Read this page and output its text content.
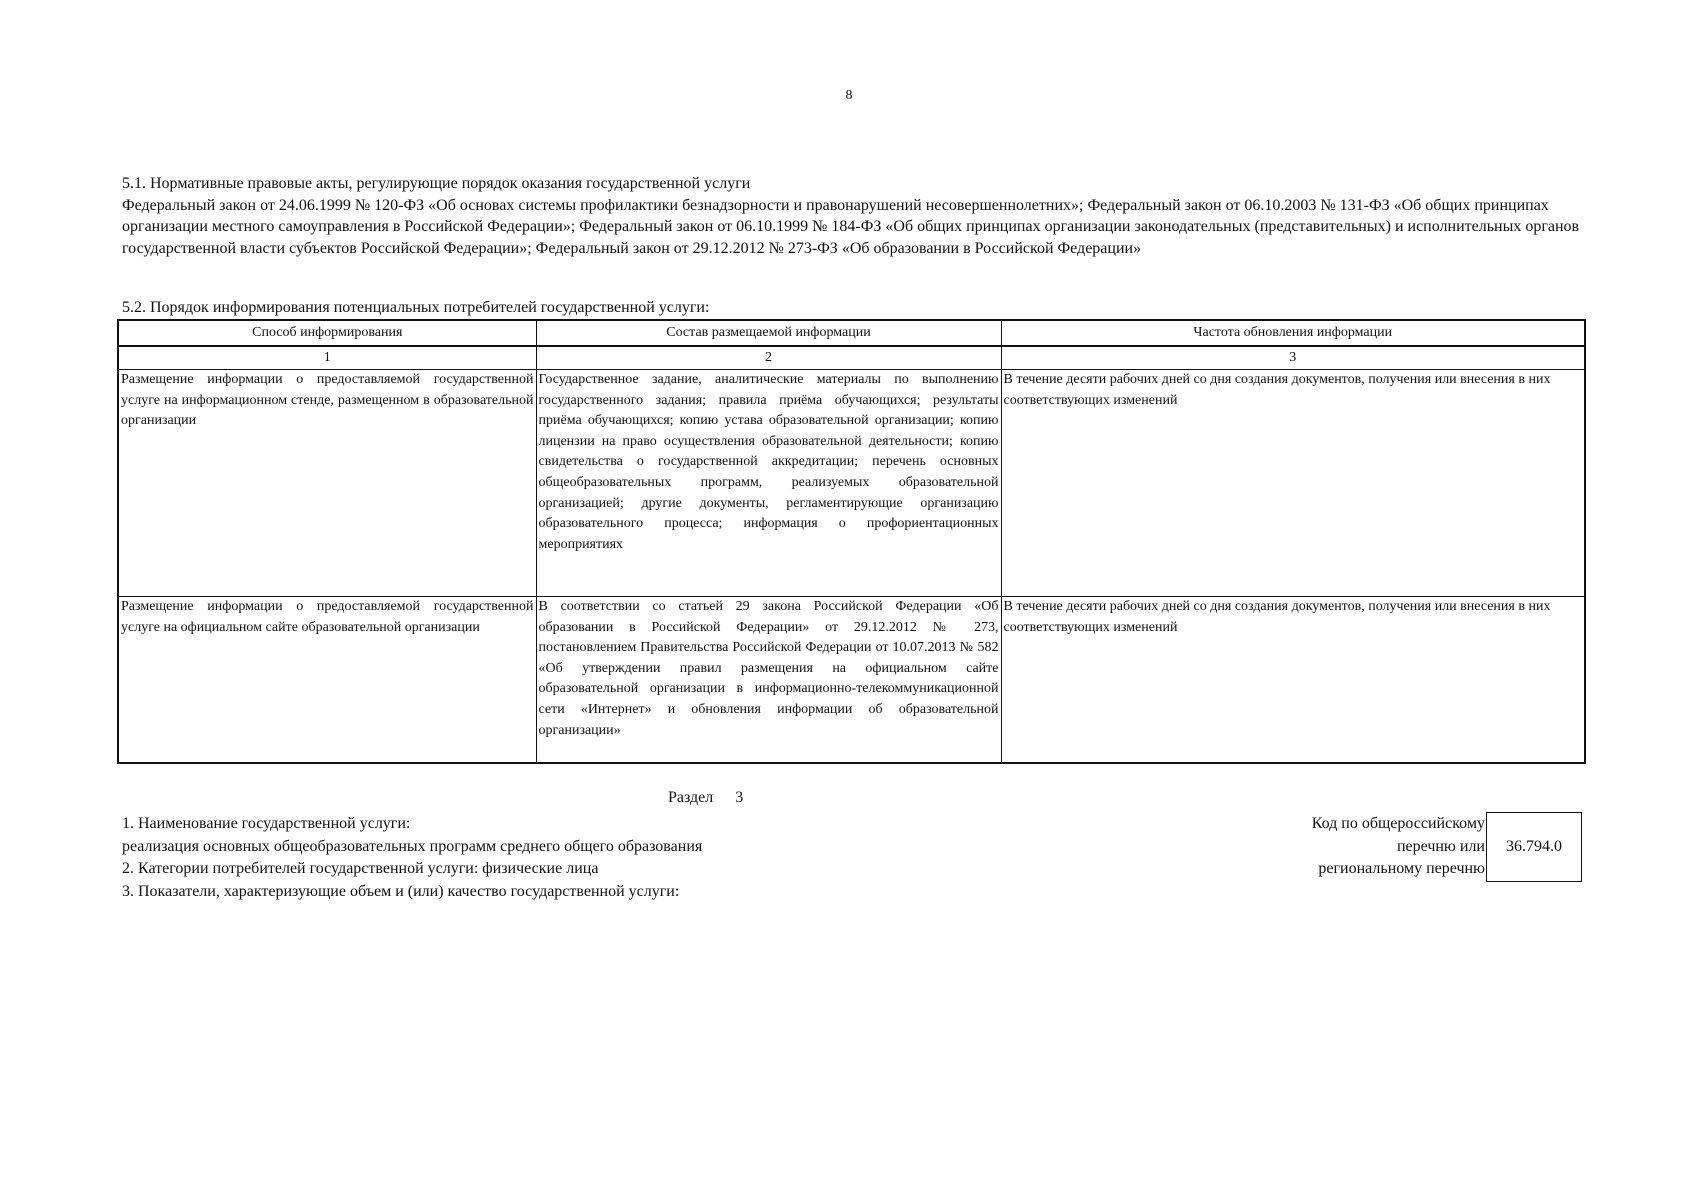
8
5.1. Нормативные правовые акты, регулирующие порядок оказания государственной услуги

Федеральный закон от 24.06.1999 № 120-ФЗ «Об основах системы профилактики безнадзорности и правонарушений несовершеннолетних»; Федеральный закон от 06.10.2003 № 131-ФЗ «Об общих принципах организации местного самоуправления в Российской Федерации»; Федеральный закон от 06.10.1999 № 184-ФЗ «Об общих принципах организации законодательных (представительных) и исполнительных органов государственной власти субъектов Российской Федерации»; Федеральный закон от 29.12.2012 № 273-ФЗ «Об образовании в Российской Федерации»

5.2. Порядок информирования потенциальных потребителей государственной услуги:
Способ информирования	Состав размещаемой информации	Частота обновления информации
1	2	3
Размещение информации о предоставляемой государственной услуге на информационном стенде, размещенном в образовательной организации	Государственное задание, аналитические материалы по выполнению государственного задания; правила приёма обучающихся; результаты приёма обучающихся; копию устава образовательной организации; копию лицензии на право осуществления образовательной деятельности; копию свидетельства о государственной аккредитации; перечень основных общеобразовательных программ, реализуемых образовательной организацией; другие документы, регламентирующие организацию образовательного процесса; информация о профориентационных мероприятиях	В течение десяти рабочих дней со дня создания документов, получения или внесения в них соответствующих изменений
Размещение информации о предоставляемой государственной услуге на официальном сайте образовательной организации	В соответствии со статьей 29 закона Российской Федерации «Об образовании в Российской Федерации» от 29.12.2012 № 273, постановлением Правительства Российской Федерации от 10.07.2013 № 582 «Об утверждении правил размещения на официальном сайте образовательной организации в информационно-телекоммуникационной сети «Интернет» и обновления информации об образовательной организации»	В течение десяти рабочих дней со дня создания документов, получения или внесения в них соответствующих изменений
Раздел 3
1. Наименование государственной услуги:
реализация основных общеобразовательных программ среднего общего образования
2. Категории потребителей государственной услуги: физические лица
3. Показатели, характеризующие объем и (или) качество государственной услуги:
Код по общероссийскому
перечню или
региональному перечню
36.794.0
